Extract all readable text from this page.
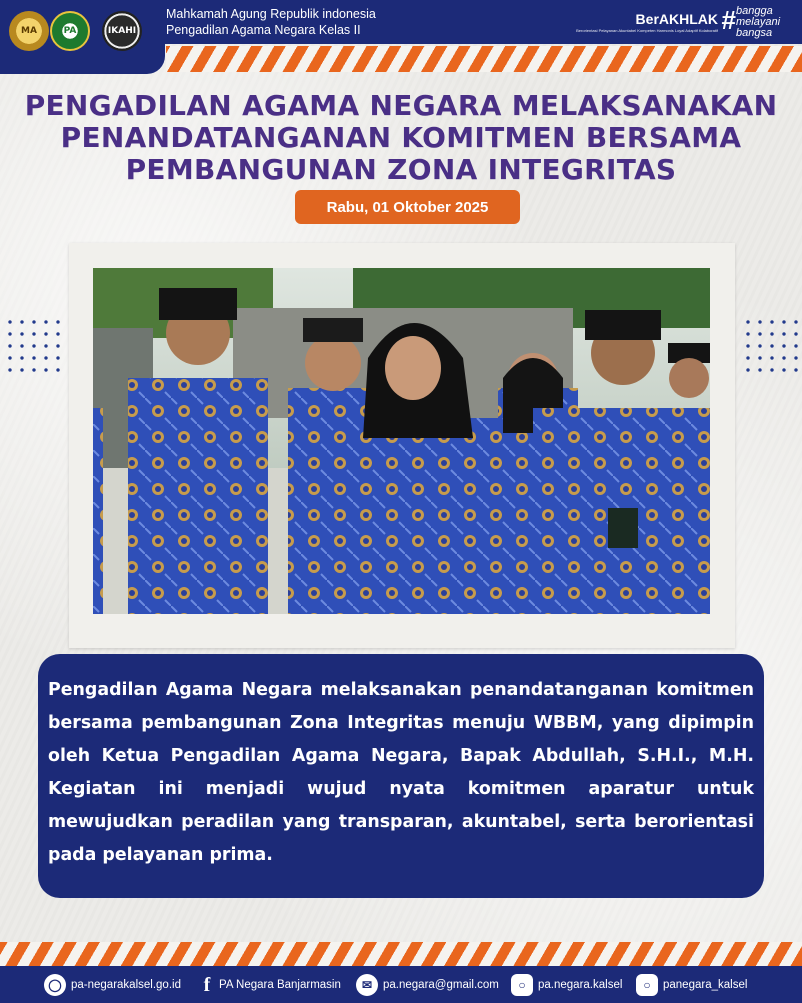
MA	PA	IKAHI
Mahkamah Agung Republik indonesia
Pengadilan Agama Negara Kelas II
BerAKHLAK
Berorientasi Pelayanan Akuntabel Kompeten Harmonis Loyal Adaptif Kolaboratif # bangga melayani bangsa
PENGADILAN AGAMA NEGARA MELAKSANAKAN
PENANDATANGANAN KOMITMEN BERSAMA
PEMBANGUNAN ZONA INTEGRITAS
Rabu, 01 Oktober 2025
Pengadilan Agama Negara melaksanakan penandatanganan komitmen bersama pembangunan Zona Integritas menuju WBBM, yang dipimpin oleh Ketua Pengadilan Agama Negara, Bapak Abdullah, S.H.I., M.H. Kegiatan ini menjadi wujud nyata komitmen aparatur untuk mewujudkan peradilan yang transparan, akuntabel, serta berorientasi pada pelayanan prima.
◯ pa-negarakalsel.go.id f PA Negara Banjarmasin	✉ pa.negara@gmail.com	○	pa.negara.kalsel	○	panegara_kalsel
